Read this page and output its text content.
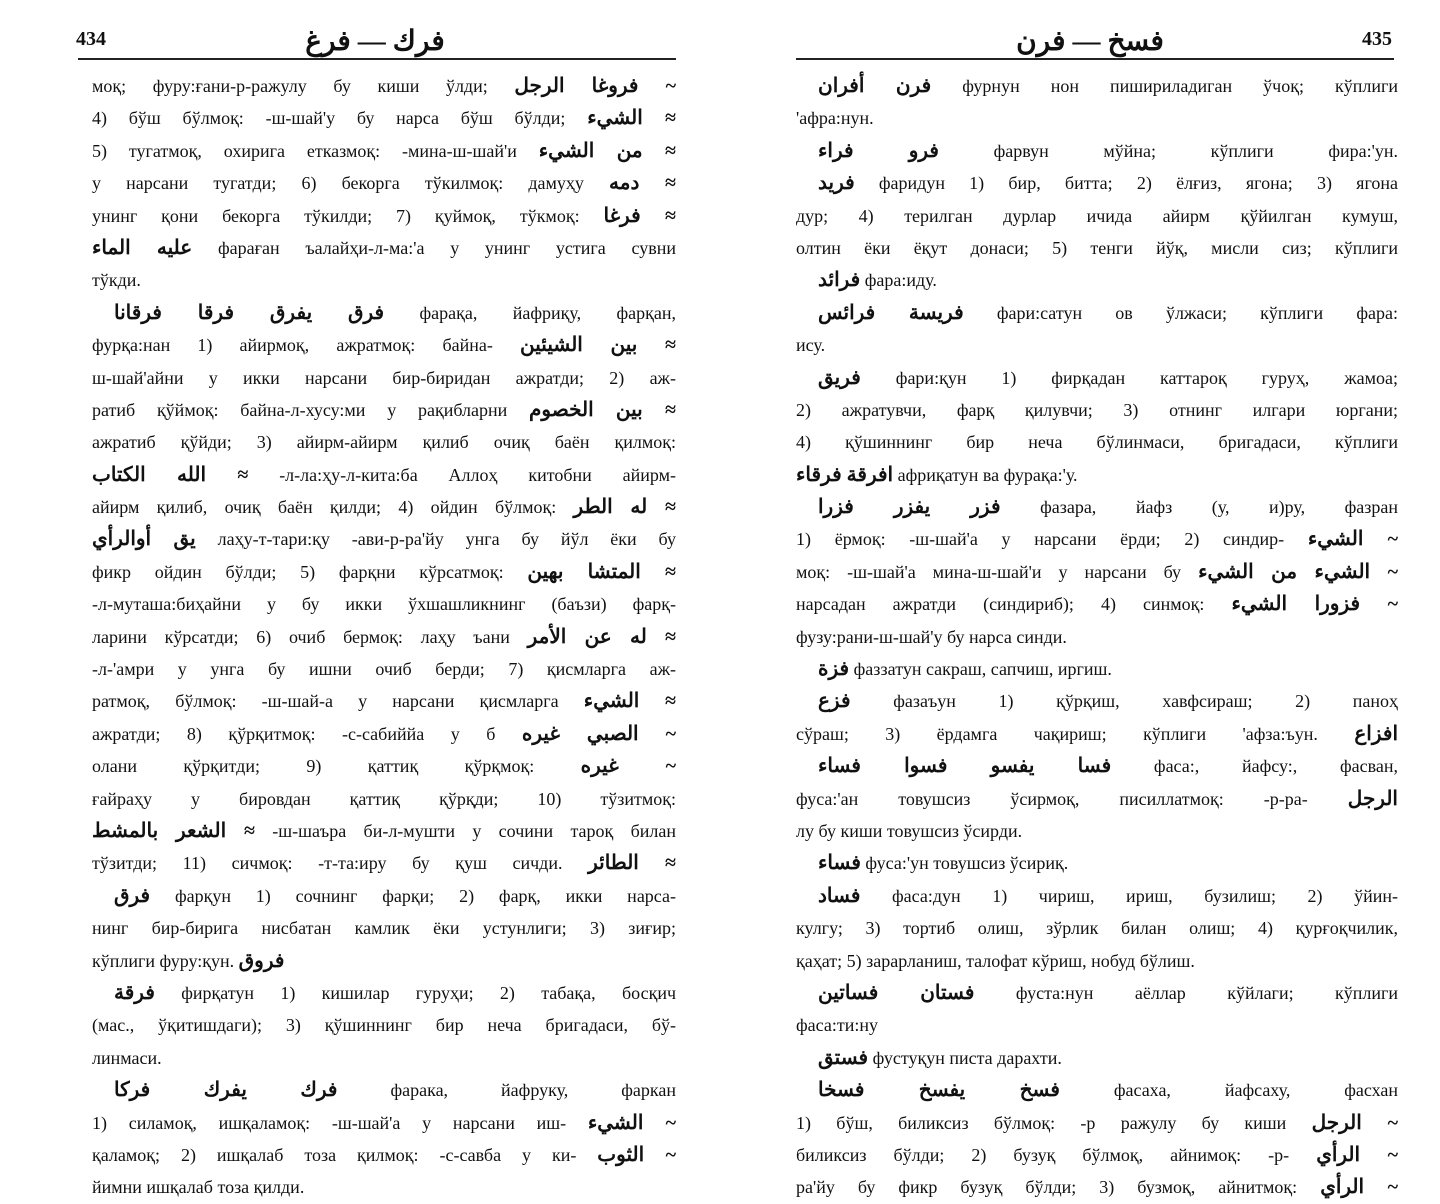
434	فرك — فرغ
моқ; фуру:ғани-р-ражулу бу киши ўлди; ~ فروغا الرجل
4) бўш бўлмоқ: -ш-шай'у бу нарса бўш бўлди; ≈ الشيء
5) тугатмоқ, охирига етказмоқ: -мина-ш-шай'и ≈ من الشيء
у нарсани тугатди; 6) бекорга тўкилмоқ: дамуҳу ≈ دمه
унинг қони бекорга тўкилди; 7) қуймоқ, тўкмоқ: ≈ فرغا
عليه الماء фараған ъалайҳи-л-ма:'а у унинг устига сувни
тўкди.
فرق يفرق فرقا فرقانا фарақа, йафриқу, фарқан,
фурқа:нан 1) айирмоқ, ажратмоқ: байна- ≈ بين الشيئين
ш-шай'айни у икки нарсани бир-биридан ажратди; 2) аж-
ратиб қўймоқ: байна-л-хусу:ми у рақибларни ≈ بين الخصوم
ажратиб қўйди; 3) айирм-айирм қилиб очиқ баён қилмоқ:
≈ الله الكتاب -л-ла:ҳу-л-кита:ба Аллоҳ китобни айирм-
айирм қилиб, очиқ баён қилди; 4) ойдин бўлмоқ: ≈ له الطر
يق أوالرأي лаҳу-т-тари:қу -ави-р-ра'йу унга бу йўл ёки бу
фикр ойдин бўлди; 5) фарқни кўрсатмоқ: ≈ المتشا بهين
-л-муташа:биҳайни у бу икки ўхшашликнинг (баъзи) фарқ-
ларини кўрсатди; 6) очиб бермоқ: лаҳу ъани ≈ له عن الأمر
-л-'амри у унга бу ишни очиб берди; 7) қисмларга аж-
ратмоқ, бўлмоқ: -ш-шай-а у нарсани қисмларга ≈ الشيء
ажратди; 8) қўрқитмоқ: -с-сабиййа у б ~ الصبي غيره
олани қўрқитди; 9) қаттиқ қўрқмоқ: ~ غيره
ғайраҳу у бировдан қаттиқ қўрқди; 10) тўзитмоқ:
≈ الشعر بالمشط -ш-шаъра би-л-мушти у сочини тароқ билан
тўзитди; 11) сичмоқ: -т-та:иру бу қуш сичди. ≈ الطائر
فرق фарқун 1) сочнинг фарқи; 2) фарқ, икки нарса-
нинг бир-бирига нисбатан камлик ёки устунлиги; 3) зиғир;
кўплиги фуру:қун. فروق
فرقة фирқатун 1) кишилар гуруҳи; 2) табақа, босқич
(мас., ўқитишдаги); 3) қўшиннинг бир неча бригадаси, бў-
линмаси.
فرك يفرك فركا	фарака, йафруку, фаркан
1) силамоқ, ишқаламоқ: -ш-шай'а у нарсани иш- ~ الشيء
қаламоқ; 2) ишқалаб тоза қилмоқ: -с-савба у ки- ~ الثوب
йимни ишқалаб тоза қилди.
435
فسخ — فرن
فرن أفران фурнун нон пишириладиган ўчоқ; кўплиги
'афра:нун.
فرو فراء	фарвун мўйна; кўплиги фира:'ун.
فريد фаридун 1) бир, битта; 2) ёлғиз, ягона; 3) ягона
дур; 4) терилган дурлар ичида айирм қўйилган кумуш,
олтин ёки ёқут донаси; 5) тенги йўқ, мисли сиз; кўплиги
فرائد фара:иду.
فريسة فرائس фари:сатун ов ўлжаси; кўплиги фара:
ису.
فريق фари:қун 1) фирқадан каттароқ гуруҳ, жамоа;
2) ажратувчи, фарқ қилувчи; 3) отнинг илгари юргани;
4) қўшиннинг бир неча бўлинмаси, бригадаси, кўплиги
افرقة فرقاء африқатун ва фурақа:'у.
فزر يفزر فزرا фазара, йафз (у, и)ру, фазран
1) ёрмоқ: -ш-шай'а у нарсани ёрди; 2) синдир- ~ الشيء
моқ: -ш-шай'а мина-ш-шай'и у нарсани бу ~ الشيء من الشيء
нарсадан ажратди (синдириб); 4) синмоқ: ~ فزورا الشيء
фузу:рани-ш-шай'у бу нарса синди.
فزة фаззатун сакраш, сапчиш, иргиш.
فزع фазаъун 1) қўрқиш, хавфсираш; 2) паноҳ
сўраш; 3) ёрдамга чақириш; кўплиги 'афза:ъун. افزاع
فسا يفسو فسوا فساء фаса:, йафсу:, фасван,
фуса:'ан товушсиз ўсирмоқ, писиллатмоқ: -р-ра- الرجل
лу бу киши товушсиз ўсирди.
فساء фуса:'ун товушсиз ўсириқ.
فساد фаса:дун 1) чириш, ириш, бузилиш; 2) ўйин-
кулгу; 3) тортиб олиш, зўрлик билан олиш; 4) қурғоқчилик,
қаҳат; 5) зарарланиш, талофат кўриш, нобуд бўлиш.
فستان فساتين фуста:нун аёллар кўйлаги; кўплиги
фаса:ти:ну
فستق фустуқун писта дарахти.
فسخ يفسخ فسخا	фасаха, йафсаху, фасхан
1) бўш, биликсиз бўлмоқ: -р ражулу бу киши ~ الرجل
биликсиз бўлди; 2) бузуқ бўлмоқ, айнимоқ: -р- ~ الرأي
ра'йу бу фикр бузуқ бўлди; 3) бузмоқ, айнитмоқ: ~ الرأي
